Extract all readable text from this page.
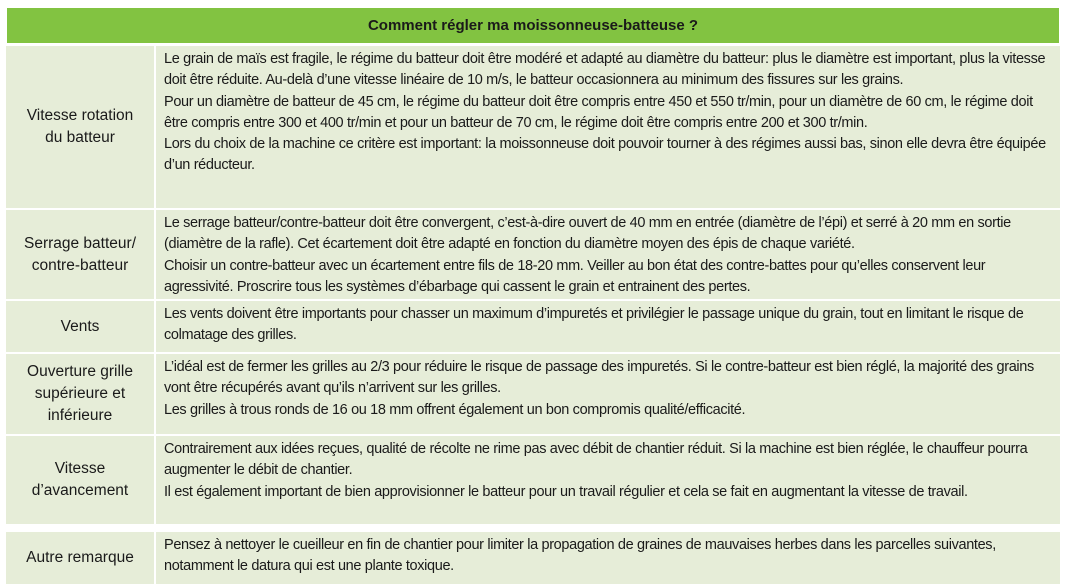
Comment régler ma moissonneuse-batteuse ?
Vitesse rotation
du batteur

Le grain de maïs est fragile, le régime du batteur doit être modéré et adapté au diamètre du batteur: plus le diamètre est important, plus la vitesse doit être réduite. Au-delà d’une vitesse linéaire de 10 m/s, le batteur occasionnera au minimum des fissures sur les grains.

Pour un diamètre de batteur de 45 cm, le régime du batteur doit être compris entre 450 et 550 tr/min, pour un diamètre de 60 cm, le régime doit être compris entre 300 et 400 tr/min et pour un batteur de 70 cm, le régime doit être compris entre 200 et 300 tr/min.

Lors du choix de la machine ce critère est important: la moissonneuse doit pouvoir tourner à des régimes aussi bas, sinon elle devra être équipée d’un réducteur.

Serrage batteur/
contre-batteur

Le serrage batteur/contre-batteur doit être convergent, c’est-à-dire ouvert de 40 mm en entrée (diamètre de l’épi) et serré à 20 mm en sortie (diamètre de la rafle). Cet écartement doit être adapté en fonction du diamètre moyen des épis de chaque variété.

Choisir un contre-batteur avec un écartement entre fils de 18-20 mm. Veiller au bon état des contre-battes pour qu’elles conservent leur agressivité. Proscrire tous les systèmes d’ébarbage qui cassent le grain et entrainent des pertes.

Vents

Les vents doivent être importants pour chasser un maximum d’impuretés et privilégier le passage unique du grain, tout en limitant le risque de colmatage des grilles.

Ouverture grille
supérieure et
inférieure

L’idéal est de fermer les grilles au 2/3 pour réduire le risque de passage des impuretés. Si le contre-batteur est bien réglé, la majorité des grains vont être récupérés avant qu’ils n’arrivent sur les grilles.

Les grilles à trous ronds de 16 ou 18 mm offrent également un bon compromis qualité/efficacité.

Vitesse
d’avancement

Contrairement aux idées reçues, qualité de récolte ne rime pas avec débit de chantier réduit. Si la machine est bien réglée, le chauffeur pourra augmenter le débit de chantier.

Il est également important de bien approvisionner le batteur pour un travail régulier et cela se fait en augmentant la vitesse de travail.

Autre remarque

Pensez à nettoyer le cueilleur en fin de chantier pour limiter la propagation de graines de mauvaises herbes dans les parcelles suivantes, notamment le datura qui est une plante toxique.
